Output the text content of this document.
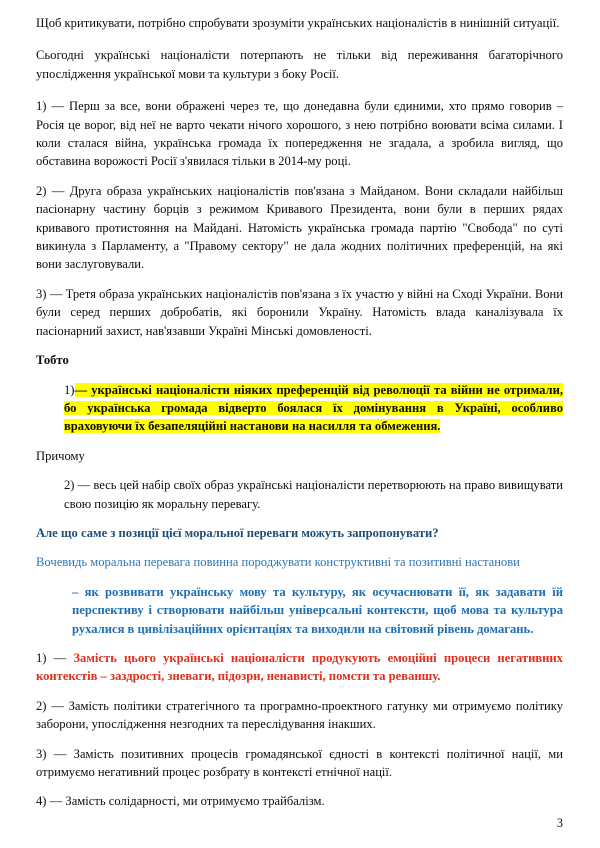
Щоб критикувати, потрібно спробувати зрозуміти українських націоналістів в нинішній ситуації.

Сьогодні українські націоналісти потерпають не тільки від переживання багаторічного упослідження української мови та культури з боку Росії.

1) — Перш за все, вони ображені через те, що донедавна були єдиними, хто прямо говорив – Росія це ворог, від неї не варто чекати нічого хорошого, з нею потрібно воювати всіма силами. І коли сталася війна, українська громада їх попередження не згадала, а зробила вигляд, що обставина ворожості Росії з'явилася тільки в 2014-му році.

2) — Друга образа українських націоналістів пов'язана з Майданом. Вони складали найбільш пасіонарну частину борців з режимом Кривавого Президента, вони були в перших рядах кривавого протистояння на Майдані. Натомість українська громада партію "Свобода" по суті викинула з Парламенту, а "Правому сектору" не дала жодних політичних преференцій, на які вони заслуговували.

3) — Третя образа українських націоналістів пов'язана з їх участю у війні на Сході України. Вони були серед перших добробатів, які боронили Україну. Натомість влада каналізувала їх пасіонарний захист, нав'язавши Україні Мінські домовленості.

Тобто

1)— українські націоналісти ніяких преференцій від революції та війни не отримали, бо українська громада відверто боялася їх домінування в Україні, особливо враховуючи їх безапеляційні настанови на насилля та обмеження.

Причому

2) — весь цей набір своїх образ українські націоналісти перетворюють на право вивищувати свою позицію як моральну перевагу.

Але що саме з позиції цієї моральної переваги можуть запропонувати?

Вочевидь моральна перевага повинна породжувати конструктивні та позитивні настанови

– як розвивати українську мову та культуру, як осучаснювати її, як задавати їй перспективу і створювати найбільш універсальні контексти, щоб мова та культура рухалися в цивілізаційних орієнтаціях та виходили на світовий рівень домагань.

1) — Замість цього українські націоналісти продукують емоційні процеси негативних контекстів – заздрості, зневаги, підозри, ненависті, помсти та реваншу.

2) — Замість політики стратегічного та програмно-проектного гатунку ми отримуємо політику заборони, упослідження незгодних та переслідування інакших.

3) — Замість позитивних процесів громадянської єдності в контексті політичної нації, ми отримуємо негативний процес розбрату в контексті етнічної нації.

4) — Замість солідарності, ми отримуємо трайбалізм.

3
